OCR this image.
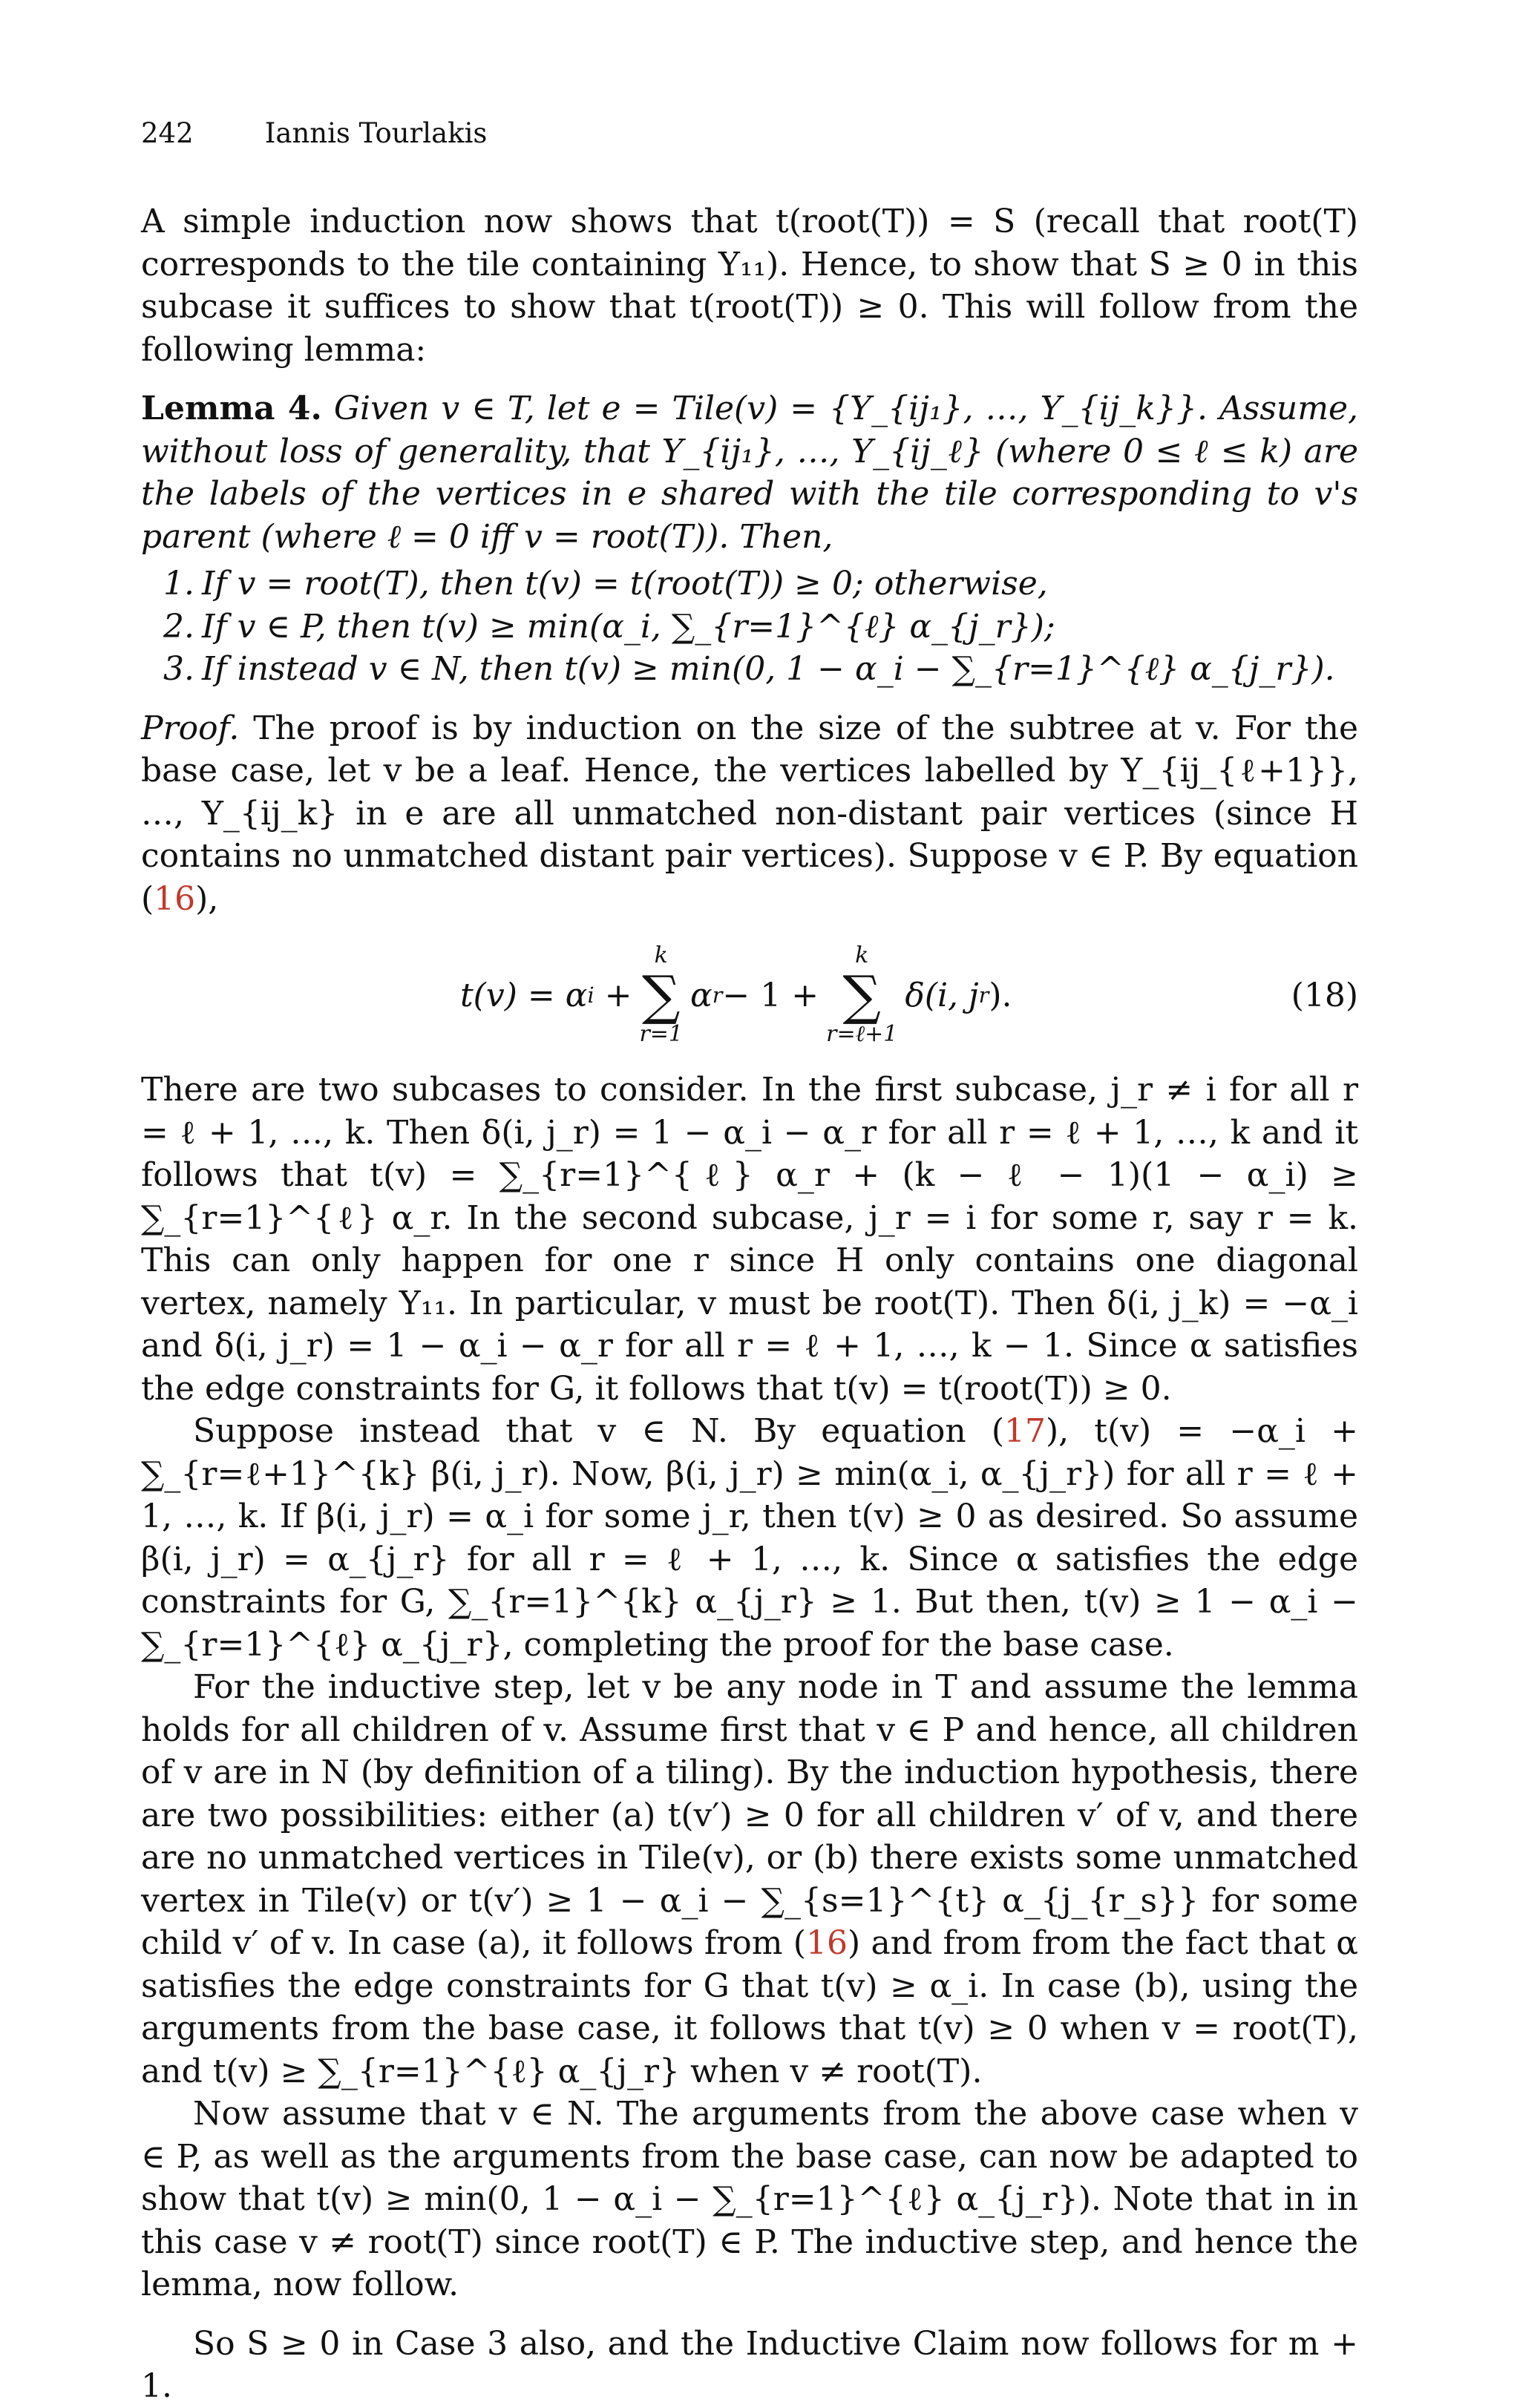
242	Iannis Tourlakis

A simple induction now shows that t(root(T)) = S (recall that root(T) corresponds to the tile containing Y₁₁). Hence, to show that S ≥ 0 in this subcase it suffices to show that t(root(T)) ≥ 0. This will follow from the following lemma:

Lemma 4. Given v ∈ T, let e = Tile(v) = {Y_{ij₁}, …, Y_{ij_k}}. Assume, without loss of generality, that Y_{ij₁}, …, Y_{ij_ℓ} (where 0 ≤ ℓ ≤ k) are the labels of the vertices in e shared with the tile corresponding to v's parent (where ℓ = 0 iff v = root(T)). Then,

1. If v = root(T), then t(v) = t(root(T)) ≥ 0; otherwise,
2. If v ∈ P, then t(v) ≥ min(α_i, ∑_{r=1}^{ℓ} α_{j_r});
3. If instead v ∈ N, then t(v) ≥ min(0, 1 − α_i − ∑_{r=1}^{ℓ} α_{j_r}).

Proof. The proof is by induction on the size of the subtree at v. For the base case, let v be a leaf. Hence, the vertices labelled by Y_{ij_{ℓ+1}}, …, Y_{ij_k} in e are all unmatched non-distant pair vertices (since H contains no unmatched distant pair vertices). Suppose v ∈ P. By equation (16),

t(v) = α i +
k
∑
r=1
α r − 1 +
k
∑
r=ℓ+1
δ(i, j r ).	(18)

There are two subcases to consider. In the first subcase, j_r ≠ i for all r = ℓ + 1, …, k. Then δ(i, j_r) = 1 − α_i − α_r for all r = ℓ + 1, …, k and it follows that t(v) = ∑_{r=1}^{ℓ} α_r + (k − ℓ − 1)(1 − α_i) ≥ ∑_{r=1}^{ℓ} α_r. In the second subcase, j_r = i for some r, say r = k. This can only happen for one r since H only contains one diagonal vertex, namely Y₁₁. In particular, v must be root(T). Then δ(i, j_k) = −α_i and δ(i, j_r) = 1 − α_i − α_r for all r = ℓ + 1, …, k − 1. Since α satisfies the edge constraints for G, it follows that t(v) = t(root(T)) ≥ 0.

Suppose instead that v ∈ N. By equation (17), t(v) = −α_i + ∑_{r=ℓ+1}^{k} β(i, j_r). Now, β(i, j_r) ≥ min(α_i, α_{j_r}) for all r = ℓ + 1, …, k. If β(i, j_r) = α_i for some j_r, then t(v) ≥ 0 as desired. So assume β(i, j_r) = α_{j_r} for all r = ℓ + 1, …, k. Since α satisfies the edge constraints for G, ∑_{r=1}^{k} α_{j_r} ≥ 1. But then, t(v) ≥ 1 − α_i − ∑_{r=1}^{ℓ} α_{j_r}, completing the proof for the base case.

For the inductive step, let v be any node in T and assume the lemma holds for all children of v. Assume first that v ∈ P and hence, all children of v are in N (by definition of a tiling). By the induction hypothesis, there are two possibilities: either (a) t(v′) ≥ 0 for all children v′ of v, and there are no unmatched vertices in Tile(v), or (b) there exists some unmatched vertex in Tile(v) or t(v′) ≥ 1 − α_i − ∑_{s=1}^{t} α_{j_{r_s}} for some child v′ of v. In case (a), it follows from (16) and from from the fact that α satisfies the edge constraints for G that t(v) ≥ α_i. In case (b), using the arguments from the base case, it follows that t(v) ≥ 0 when v = root(T), and t(v) ≥ ∑_{r=1}^{ℓ} α_{j_r} when v ≠ root(T).

Now assume that v ∈ N. The arguments from the above case when v ∈ P, as well as the arguments from the base case, can now be adapted to show that t(v) ≥ min(0, 1 − α_i − ∑_{r=1}^{ℓ} α_{j_r}). Note that in in this case v ≠ root(T) since root(T) ∈ P. The inductive step, and hence the lemma, now follow.

So S ≥ 0 in Case 3 also, and the Inductive Claim now follows for m + 1.
